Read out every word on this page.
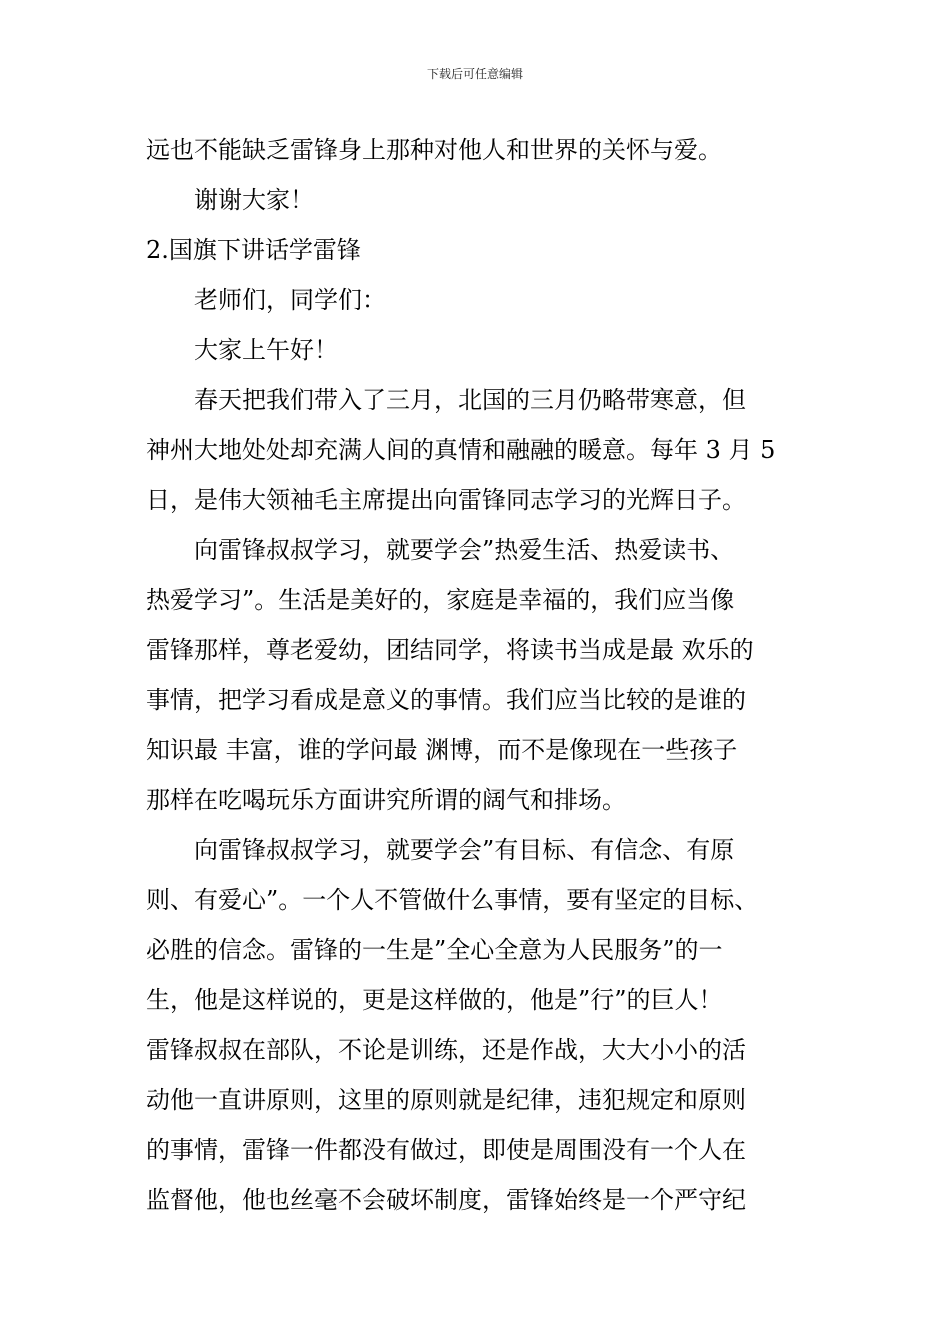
下载后可任意编辑
远也不能缺乏雷锋身上那种对他人和世界的关怀与爱。
谢谢大家！
2.国旗下讲话学雷锋
老师们，同学们：
大家上午好！
春天把我们带入了三月，北国的三月仍略带寒意，但
神州大地处处却充满人间的真情和融融的暖意。每年 3 月 5
日，是伟大领袖毛主席提出向雷锋同志学习的光辉日子。
向雷锋叔叔学习，就要学会”热爱生活、热爱读书、
热爱学习”。生活是美好的，家庭是幸福的，我们应当像
雷锋那样，尊老爱幼，团结同学，将读书当成是最 欢乐的
事情，把学习看成是意义的事情。我们应当比较的是谁的
知识最 丰富，谁的学问最 渊博，而不是像现在一些孩子
那样在吃喝玩乐方面讲究所谓的阔气和排场。
向雷锋叔叔学习，就要学会”有目标、有信念、有原
则、有爱心”。一个人不管做什么事情，要有坚定的目标、
必胜的信念。雷锋的一生是”全心全意为人民服务”的一
生，他是这样说的，更是这样做的，他是”行”的巨人！
雷锋叔叔在部队，不论是训练，还是作战，大大小小的活
动他一直讲原则，这里的原则就是纪律，违犯规定和原则
的事情，雷锋一件都没有做过，即使是周围没有一个人在
监督他，他也丝毫不会破坏制度，雷锋始终是一个严守纪
